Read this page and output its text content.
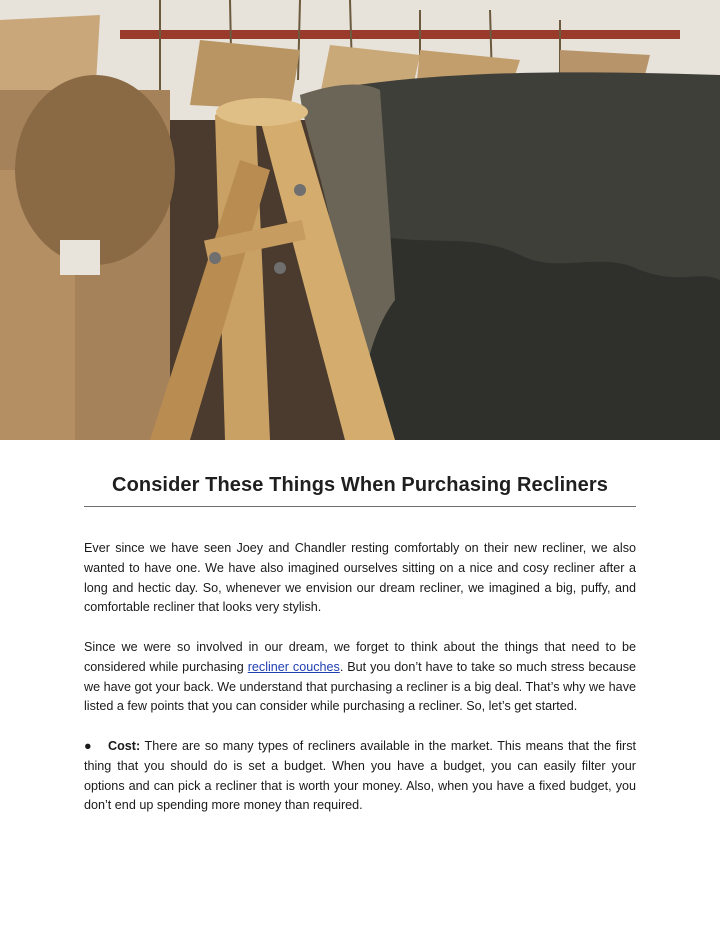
Consider These Things When Purchasing Recliners

Ever since we have seen Joey and Chandler resting comfortably on their new recliner, we also wanted to have one. We have also imagined ourselves sitting on a nice and cosy recliner after a long and hectic day. So, whenever we envision our dream recliner, we imagined a big, puffy, and comfortable recliner that looks very stylish.

Since we were so involved in our dream, we forget to think about the things that need to be considered while purchasing recliner couches. But you don’t have to take so much stress because we have got your back. We understand that purchasing a recliner is a big deal. That’s why we have listed a few points that you can consider while purchasing a recliner. So, let’s get started.

● Cost: There are so many types of recliners available in the market. This means that the first thing that you should do is set a budget. When you have a budget, you can easily filter your options and can pick a recliner that is worth your money. Also, when you have a fixed budget, you don’t end up spending more money than required.
